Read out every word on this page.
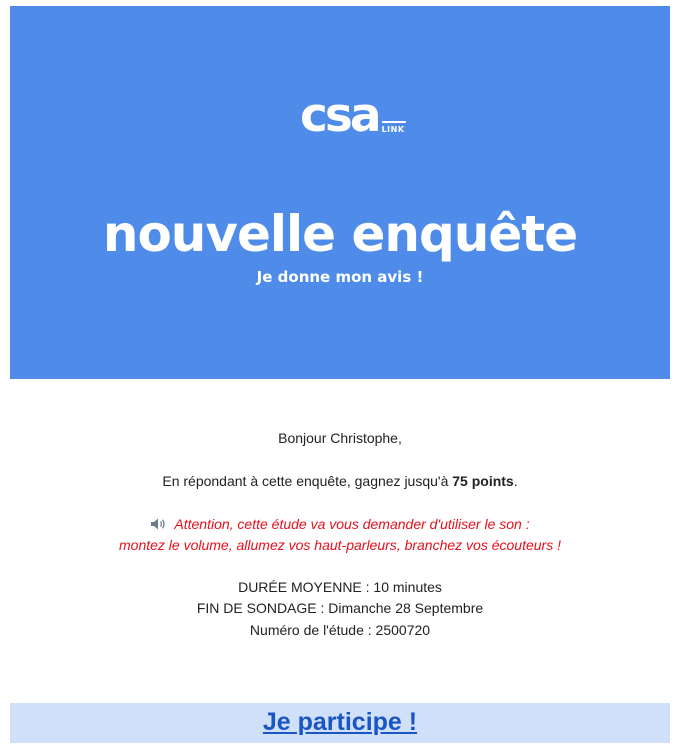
csa LINK
nouvelle enquête
Je donne mon avis !
Bonjour Christophe,
En répondant à cette enquête, gagnez jusqu'à 75 points.
Attention, cette étude va vous demander d'utiliser le son :
montez le volume, allumez vos haut-parleurs, branchez vos écouteurs !
DURÉE MOYENNE : 10 minutes
FIN DE SONDAGE : Dimanche 28 Septembre
Numéro de l'étude : 2500720
Je participe !
